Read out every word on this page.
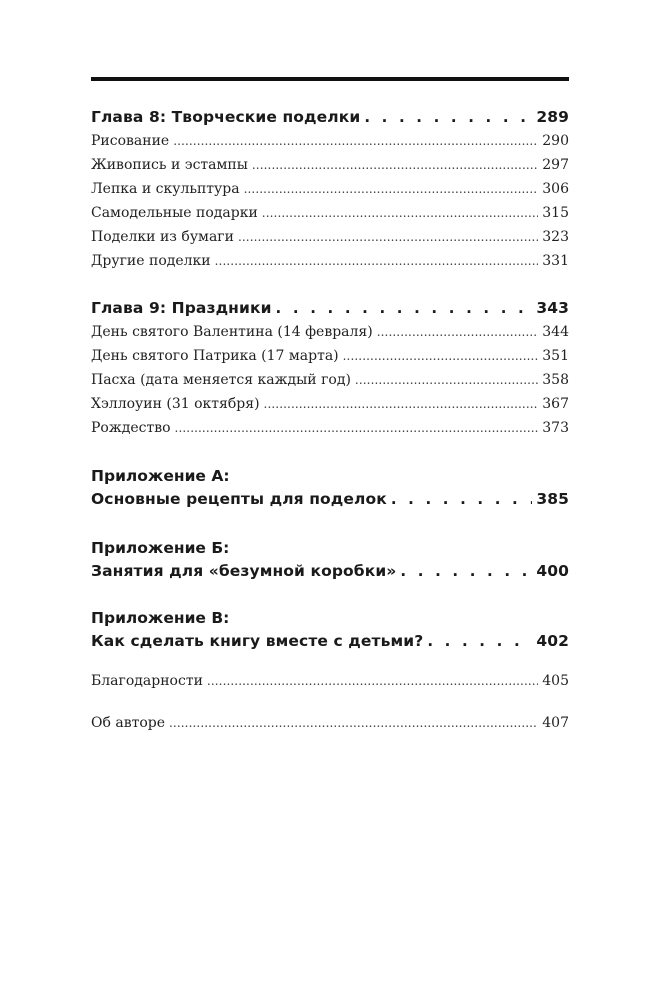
Глава 8: Творческие поделки . . .	289
Рисование .....	290
Живопись и эстампы .....	297
Лепка и скульптура .....	306
Самодельные подарки .....	315
Поделки из бумаги .....	323
Другие поделки .....	331
Глава 9: Праздники . . .	343
День святого Валентина (14 февраля) .....	344
День святого Патрика (17 марта) .....	351
Пасха (дата меняется каждый год) .....	358
Хэллоуин (31 октября) .....	367
Рождество .....	373
Приложение А:
Основные рецепты для поделок . . .	385
Приложение Б:
Занятия для «безумной коробки» . . .	400
Приложение В:
Как сделать книгу вместе с детьми? . . .	402
Благодарности .....	405
Об авторе .....	407
